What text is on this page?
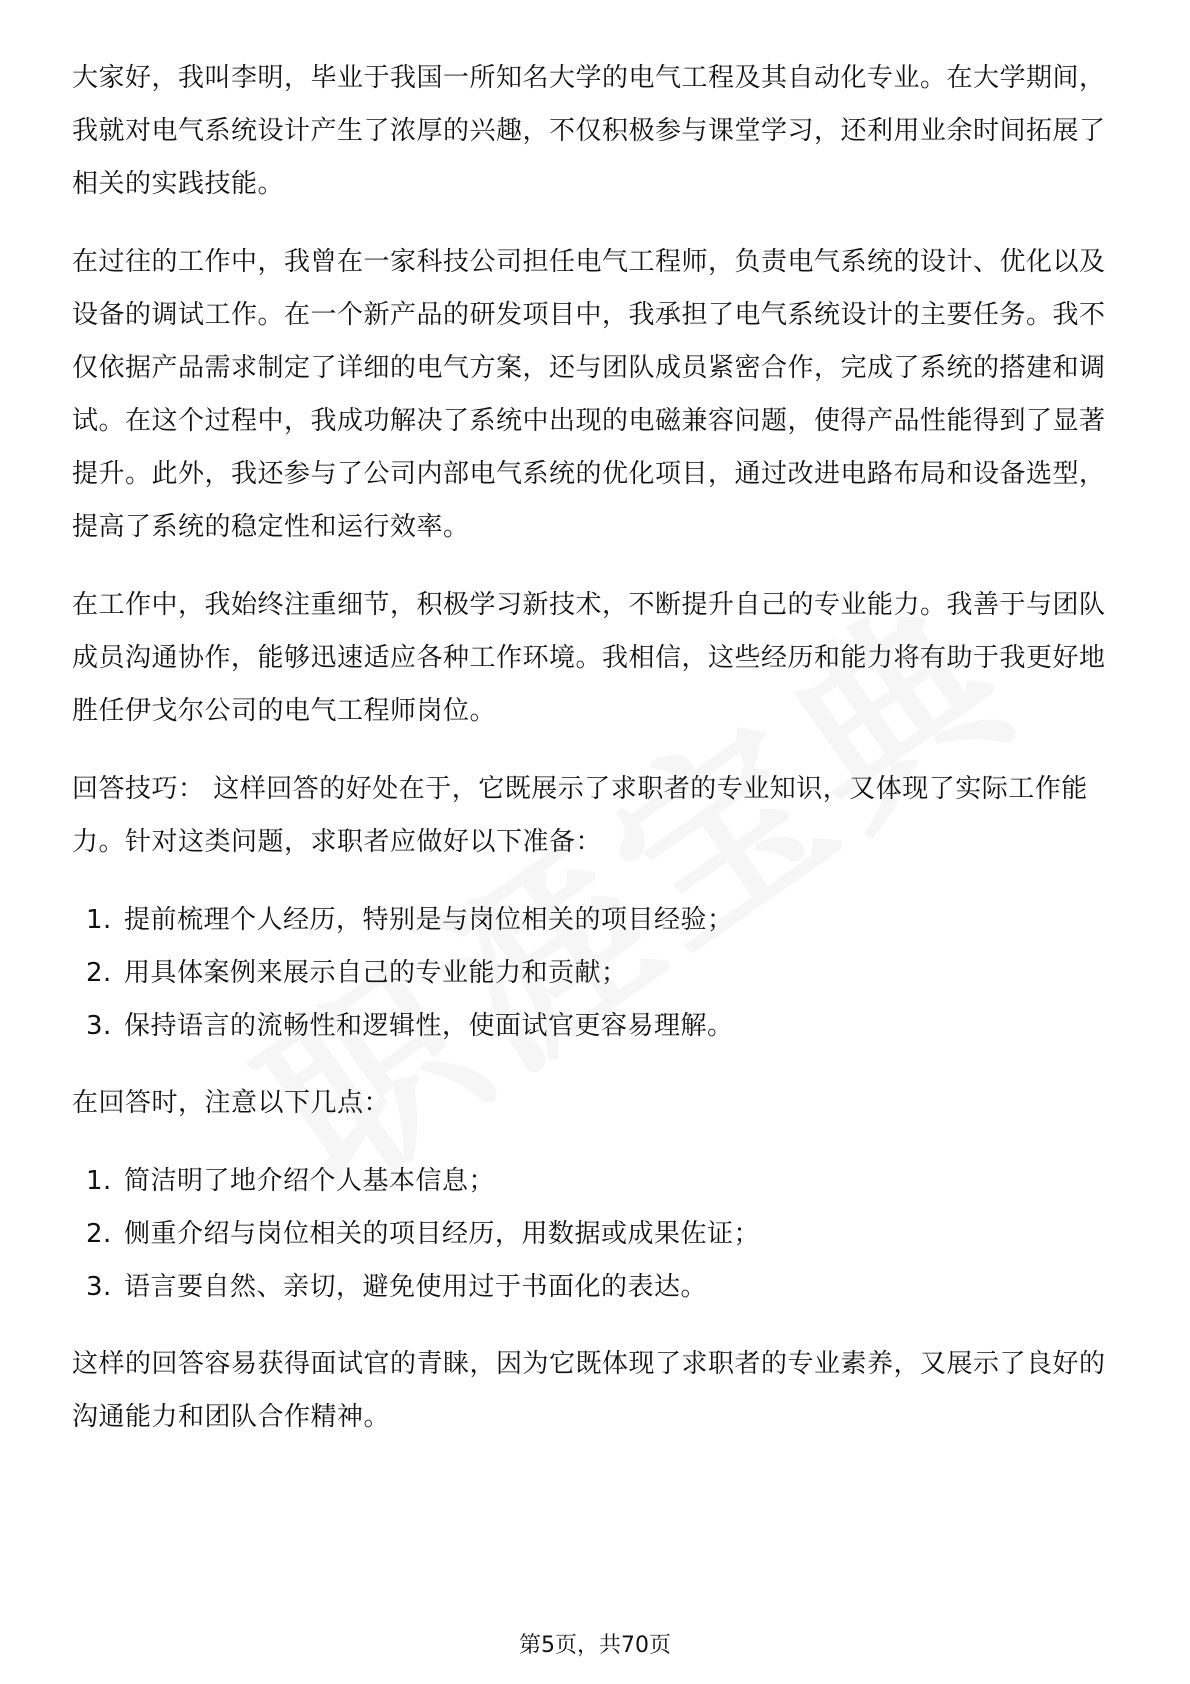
大家好，我叫李明，毕业于我国一所知名大学的电气工程及其自动化专业。在大学期间，我就对电气系统设计产生了浓厚的兴趣，不仅积极参与课堂学习，还利用业余时间拓展了相关的实践技能。

在过往的工作中，我曾在一家科技公司担任电气工程师，负责电气系统的设计、优化以及设备的调试工作。在一个新产品的研发项目中，我承担了电气系统设计的主要任务。我不仅依据产品需求制定了详细的电气方案，还与团队成员紧密合作，完成了系统的搭建和调试。在这个过程中，我成功解决了系统中出现的电磁兼容问题，使得产品性能得到了显著提升。此外，我还参与了公司内部电气系统的优化项目，通过改进电路布局和设备选型，提高了系统的稳定性和运行效率。

在工作中，我始终注重细节，积极学习新技术，不断提升自己的专业能力。我善于与团队成员沟通协作，能够迅速适应各种工作环境。我相信，这些经历和能力将有助于我更好地胜任伊戈尔公司的电气工程师岗位。

回答技巧： 这样回答的好处在于，它既展示了求职者的专业知识，又体现了实际工作能力。针对这类问题，求职者应做好以下准备：

1. 提前梳理个人经历，特别是与岗位相关的项目经验；
2. 用具体案例来展示自己的专业能力和贡献；
3. 保持语言的流畅性和逻辑性，使面试官更容易理解。

在回答时，注意以下几点：

1. 简洁明了地介绍个人基本信息；
2. 侧重介绍与岗位相关的项目经历，用数据或成果佐证；
3. 语言要自然、亲切，避免使用过于书面化的表达。

这样的回答容易获得面试官的青睐，因为它既体现了求职者的专业素养，又展示了良好的沟通能力和团队合作精神。

第5页，共70页
